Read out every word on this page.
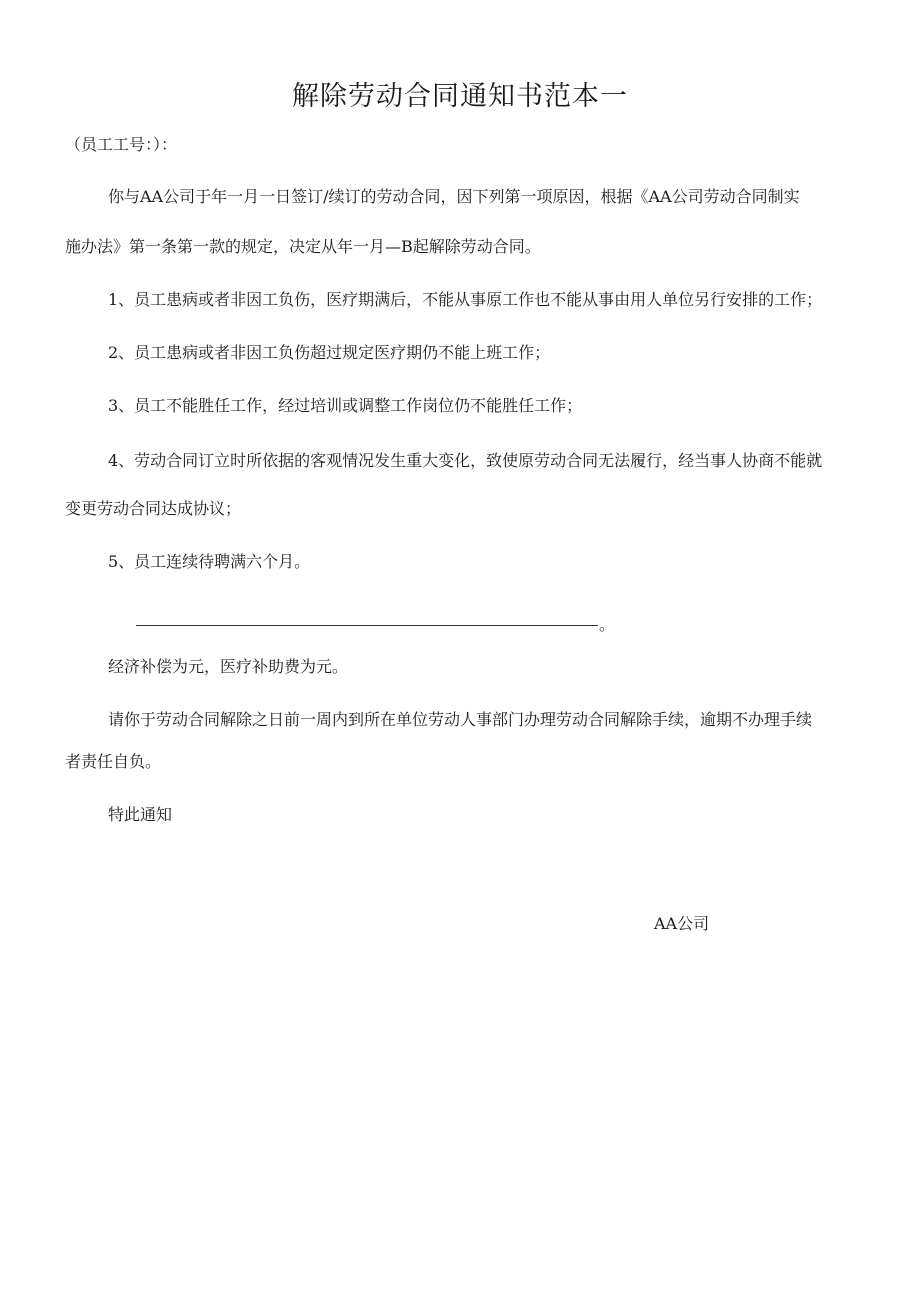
解除劳动合同通知书范本一
（员工工号：）：
你与AA公司于年一月一日签订/续订的劳动合同，因下列第一项原因，根据《AA公司劳动合同制实
施办法》第一条第一款的规定，决定从年一月—B起解除劳动合同。
1、员工患病或者非因工负伤，医疗期满后，不能从事原工作也不能从事由用人单位另行安排的工作；
2、员工患病或者非因工负伤超过规定医疗期仍不能上班工作；
3、员工不能胜任工作，经过培训或调整工作岗位仍不能胜任工作；
4、劳动合同订立时所依据的客观情况发生重大变化，致使原劳动合同无法履行，经当事人协商不能就
变更劳动合同达成协议；
5、员工连续待聘满六个月。
。
经济补偿为元，医疗补助费为元。
请你于劳动合同解除之日前一周内到所在单位劳动人事部门办理劳动合同解除手续，逾期不办理手续
者责任自负。
特此通知
AA公司
